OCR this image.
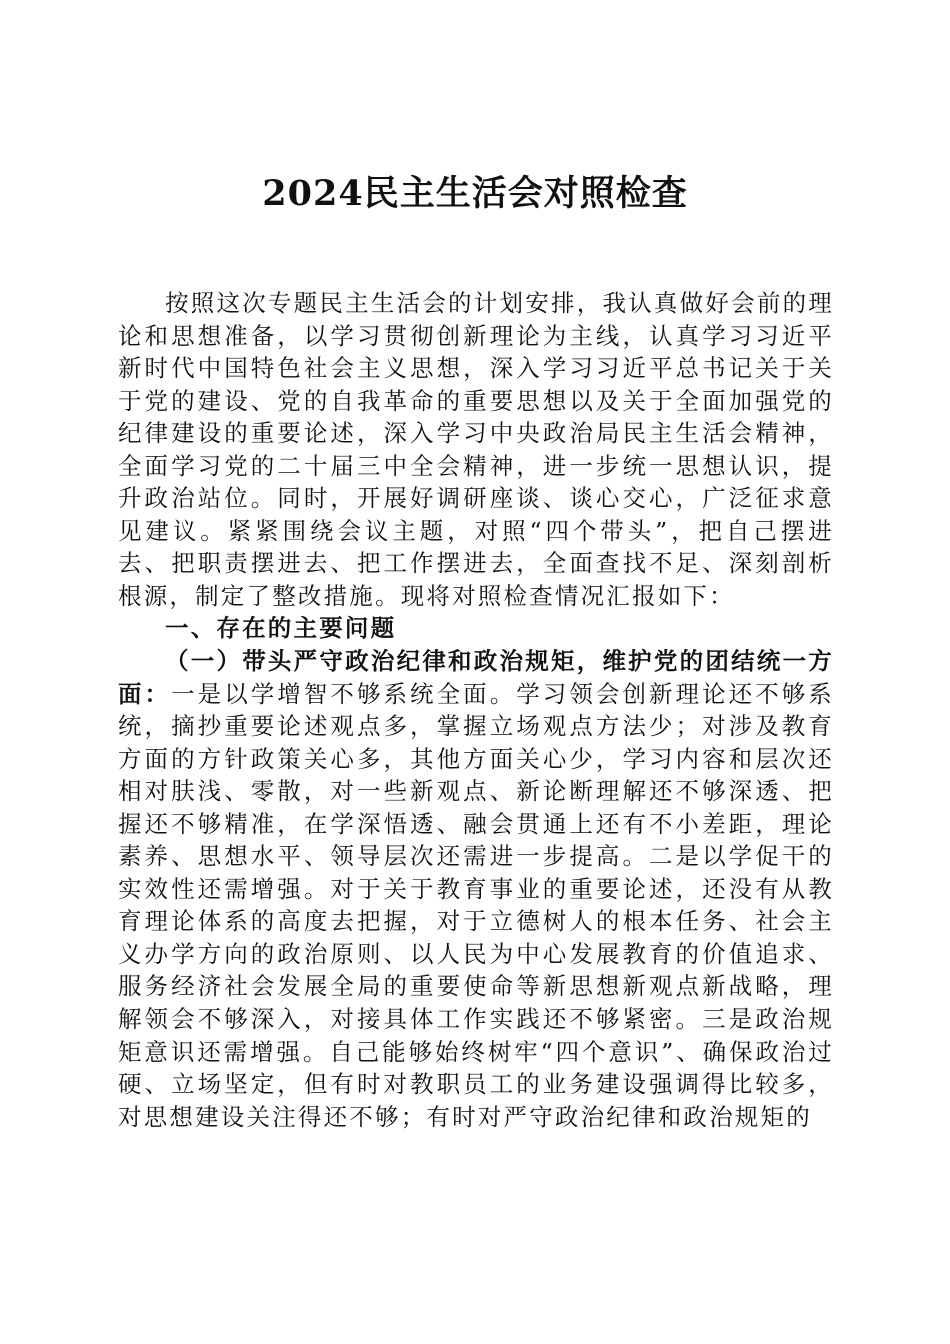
2024民主生活会对照检查

按照这次专题民主生活会的计划安排，我认真做好会前的理论和思想准备，以学习贯彻创新理论为主线，认真学习习近平新时代中国特色社会主义思想，深入学习习近平总书记关于关于党的建设、党的自我革命的重要思想以及关于全面加强党的纪律建设的重要论述，深入学习中央政治局民主生活会精神，全面学习党的二十届三中全会精神，进一步统一思想认识，提升政治站位。同时，开展好调研座谈、谈心交心，广泛征求意见建议。紧紧围绕会议主题，对照“四个带头”，把自己摆进去、把职责摆进去、把工作摆进去，全面查找不足、深刻剖析根源，制定了整改措施。现将对照检查情况汇报如下：

一、存在的主要问题

（一）带头严守政治纪律和政治规矩，维护党的团结统一方面：一是以学增智不够系统全面。学习领会创新理论还不够系统，摘抄重要论述观点多，掌握立场观点方法少；对涉及教育方面的方针政策关心多，其他方面关心少，学习内容和层次还相对肤浅、零散，对一些新观点、新论断理解还不够深透、把握还不够精准，在学深悟透、融会贯通上还有不小差距，理论素养、思想水平、领导层次还需进一步提高。二是以学促干的实效性还需增强。对于关于教育事业的重要论述，还没有从教育理论体系的高度去把握，对于立德树人的根本任务、社会主义办学方向的政治原则、以人民为中心发展教育的价值追求、服务经济社会发展全局的重要使命等新思想新观点新战略，理解领会不够深入，对接具体工作实践还不够紧密。三是政治规矩意识还需增强。自己能够始终树牢“四个意识”、确保政治过硬、立场坚定，但有时对教职员工的业务建设强调得比较多，对思想建设关注得还不够；有时对严守政治纪律和政治规矩的
